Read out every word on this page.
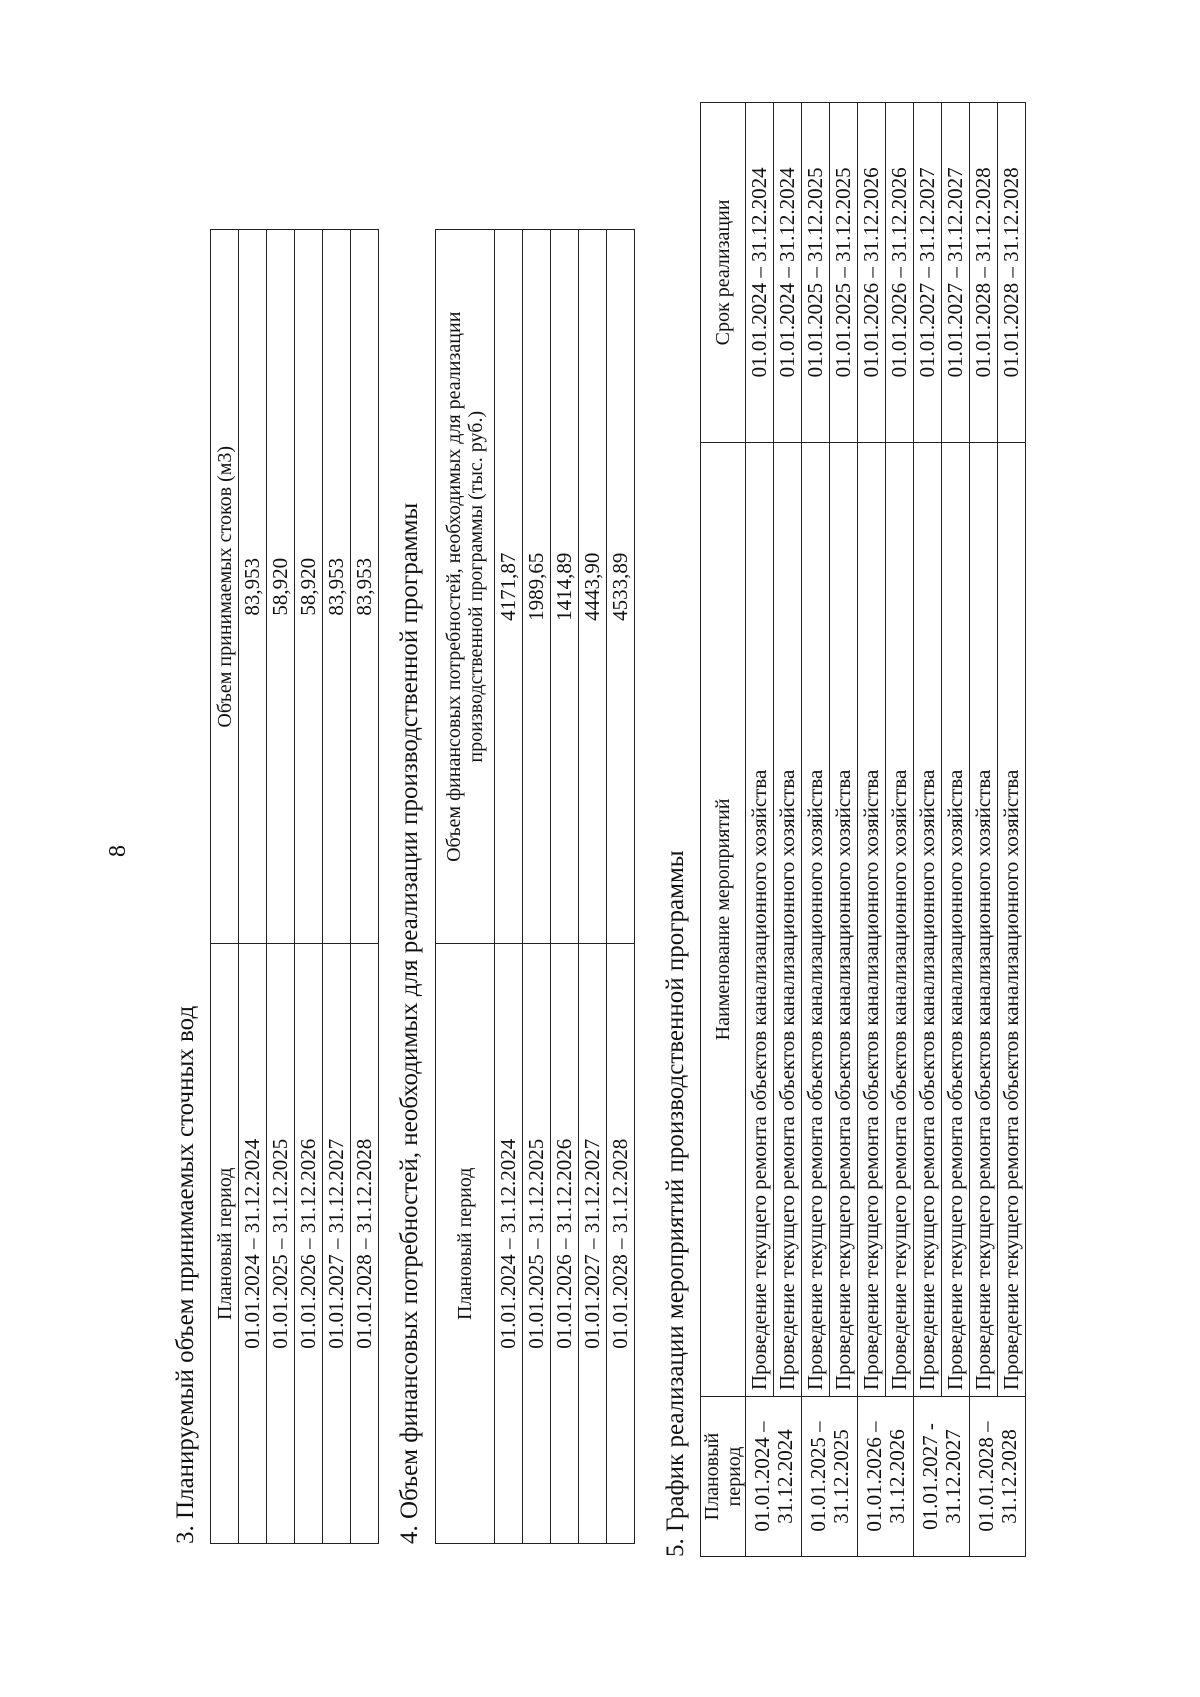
8
3. Планируемый объем принимаемых сточных вод Плановый период	Объем принимаемых стоков (м3)
01.01.2024 – 31.12.2024	83,953
01.01.2025 – 31.12.2025	58,920
01.01.2026 – 31.12.2026	58,920
01.01.2027 – 31.12.2027	83,953
01.01.2028 – 31.12.2028	83,953 4. Объем финансовых потребностей, необходимых для реализации производственной программы Плановый период	Объем финансовых потребностей, необходимых для реализации производственной программы (тыс. руб.)
01.01.2024 – 31.12.2024	4171,87
01.01.2025 – 31.12.2025	1989,65
01.01.2026 – 31.12.2026	1414,89
01.01.2027 – 31.12.2027	4443,90
01.01.2028 – 31.12.2028	4533,89
5. График реализации мероприятий производственной программы Плановый период	Наименование мероприятий	Срок реализации
01.01.2024 –
31.12.2024	Проведение текущего ремонта объектов канализационного хозяйства	01.01.2024 – 31.12.2024
	Проведение текущего ремонта объектов канализационного хозяйства	01.01.2024 – 31.12.2024
01.01.2025 –
31.12.2025	Проведение текущего ремонта объектов канализационного хозяйства	01.01.2025 – 31.12.2025
	Проведение текущего ремонта объектов канализационного хозяйства	01.01.2025 – 31.12.2025
01.01.2026 –
31.12.2026	Проведение текущего ремонта объектов канализационного хозяйства	01.01.2026 – 31.12.2026
	Проведение текущего ремонта объектов канализационного хозяйства	01.01.2026 – 31.12.2026
01.01.2027 -
31.12.2027	Проведение текущего ремонта объектов канализационного хозяйства	01.01.2027 – 31.12.2027
	Проведение текущего ремонта объектов канализационного хозяйства	01.01.2027 – 31.12.2027
01.01.2028 –
31.12.2028	Проведение текущего ремонта объектов канализационного хозяйства	01.01.2028 – 31.12.2028
	Проведение текущего ремонта объектов канализационного хозяйства	01.01.2028 – 31.12.2028
